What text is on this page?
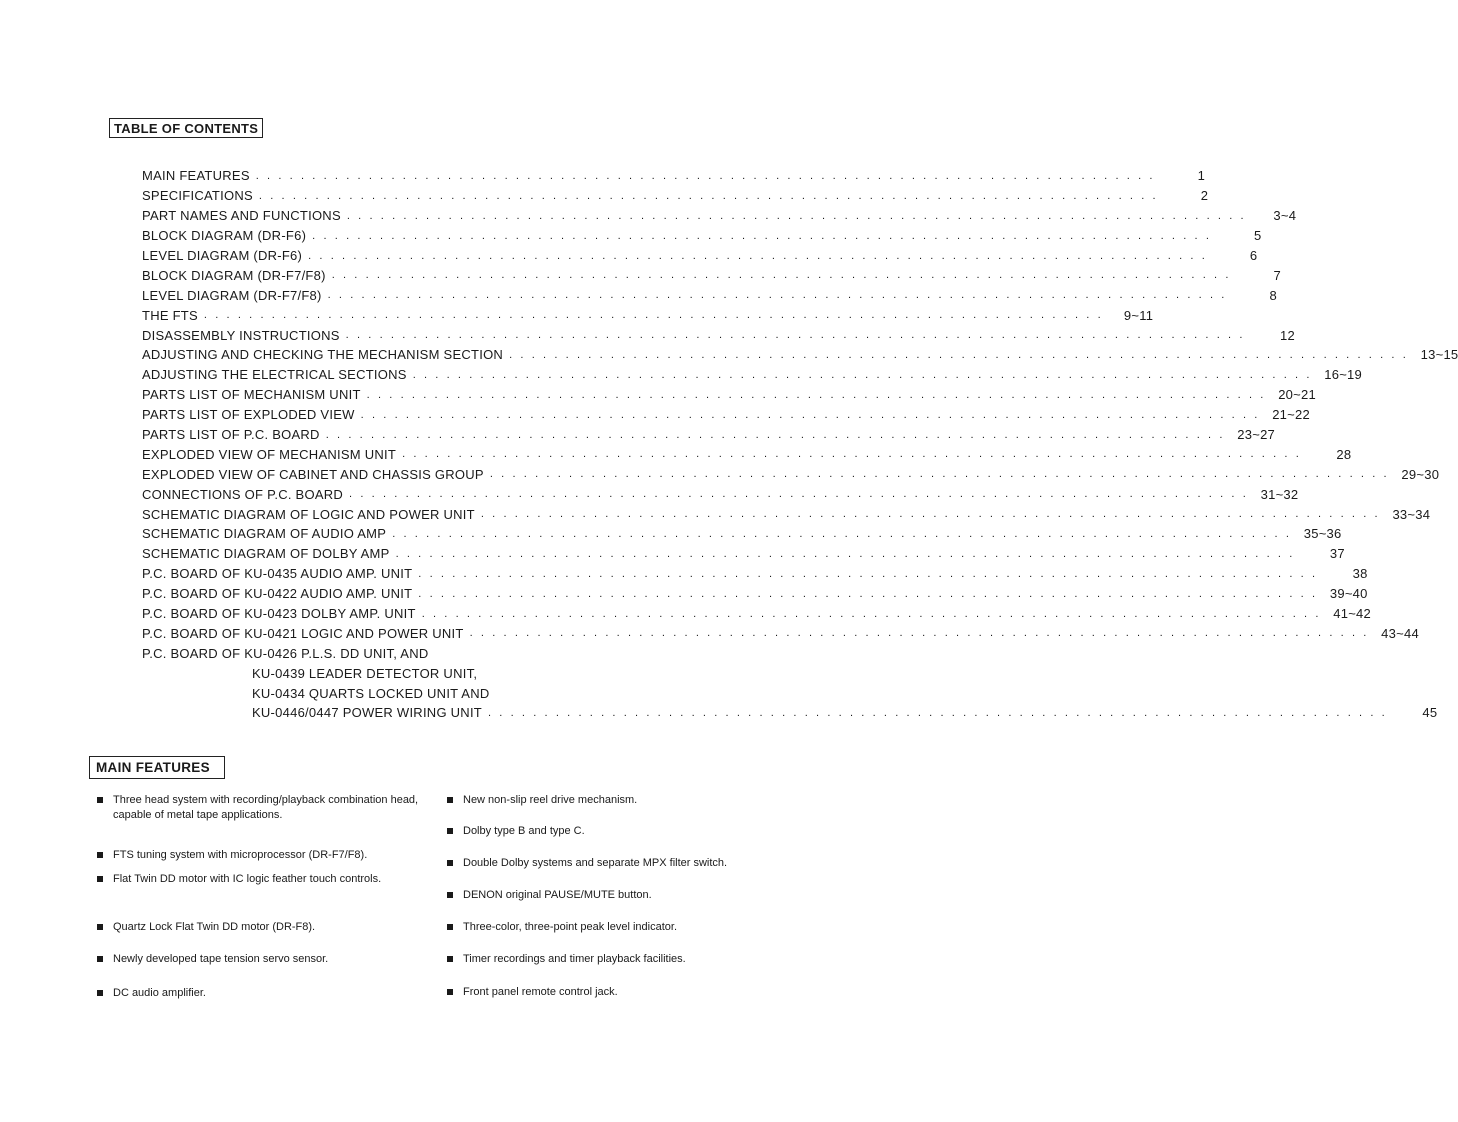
TABLE OF CONTENTS
MAIN FEATURES . . . . . . . . . . . . . . . . . . . . . . . . . . . . . . . . . . . . . . . . . . . . . . . . . . . . . . . . . . . . . . . . . . . . . . . . . . . . . . . .	1
SPECIFICATIONS . . . . . . . . . . . . . . . . . . . . . . . . . . . . . . . . . . . . . . . . . . . . . . . . . . . . . . . . . . . . . . . . . . . . . . . . . . . . . . . .	2
PART NAMES AND FUNCTIONS . . . . . . . . . . . . . . . . . . . . . . . . . . . . . . . . . . . . . . . . . . . . . . . . . . . . . . . . . . . . . . . . . . . . . . . . . . . . . . . .	3~4
BLOCK DIAGRAM (DR-F6) . . . . . . . . . . . . . . . . . . . . . . . . . . . . . . . . . . . . . . . . . . . . . . . . . . . . . . . . . . . . . . . . . . . . . . . . . . . . . . . .	5
LEVEL DIAGRAM (DR-F6) . . . . . . . . . . . . . . . . . . . . . . . . . . . . . . . . . . . . . . . . . . . . . . . . . . . . . . . . . . . . . . . . . . . . . . . . . . . . . . . .	6
BLOCK DIAGRAM (DR-F7/F8) . . . . . . . . . . . . . . . . . . . . . . . . . . . . . . . . . . . . . . . . . . . . . . . . . . . . . . . . . . . . . . . . . . . . . . . . . . . . . . . .	7
LEVEL DIAGRAM (DR-F7/F8) . . . . . . . . . . . . . . . . . . . . . . . . . . . . . . . . . . . . . . . . . . . . . . . . . . . . . . . . . . . . . . . . . . . . . . . . . . . . . . . .	8
THE FTS . . . . . . . . . . . . . . . . . . . . . . . . . . . . . . . . . . . . . . . . . . . . . . . . . . . . . . . . . . . . . . . . . . . . . . . . . . . . . . . .	9~11
DISASSEMBLY INSTRUCTIONS . . . . . . . . . . . . . . . . . . . . . . . . . . . . . . . . . . . . . . . . . . . . . . . . . . . . . . . . . . . . . . . . . . . . . . . . . . . . . . . .	12
ADJUSTING AND CHECKING THE MECHANISM SECTION . . . . . . . . . . . . . . . . . . . . . . . . . . . . . . . . . . . . . . . . . . . . . . . . . . . . . . . . . . . . . . . . . . . . . . . . . . . . . . . . 13~15
ADJUSTING THE ELECTRICAL SECTIONS . . . . . . . . . . . . . . . . . . . . . . . . . . . . . . . . . . . . . . . . . . . . . . . . . . . . . . . . . . . . . . . . . . . . . . . . . . . . . . . . 16~19
PARTS LIST OF MECHANISM UNIT . . . . . . . . . . . . . . . . . . . . . . . . . . . . . . . . . . . . . . . . . . . . . . . . . . . . . . . . . . . . . . . . . . . . . . . . . . . . . . . . 20~21
PARTS LIST OF EXPLODED VIEW . . . . . . . . . . . . . . . . . . . . . . . . . . . . . . . . . . . . . . . . . . . . . . . . . . . . . . . . . . . . . . . . . . . . . . . . . . . . . . . . 21~22
PARTS LIST OF P.C. BOARD . . . . . . . . . . . . . . . . . . . . . . . . . . . . . . . . . . . . . . . . . . . . . . . . . . . . . . . . . . . . . . . . . . . . . . . . . . . . . . . . 23~27
EXPLODED VIEW OF MECHANISM UNIT . . . . . . . . . . . . . . . . . . . . . . . . . . . . . . . . . . . . . . . . . . . . . . . . . . . . . . . . . . . . . . . . . . . . . . . . . . . . . . . .	28
EXPLODED VIEW OF CABINET AND CHASSIS GROUP . . . . . . . . . . . . . . . . . . . . . . . . . . . . . . . . . . . . . . . . . . . . . . . . . . . . . . . . . . . . . . . . . . . . . . . . . . . . . . . . 29~30
CONNECTIONS OF P.C. BOARD . . . . . . . . . . . . . . . . . . . . . . . . . . . . . . . . . . . . . . . . . . . . . . . . . . . . . . . . . . . . . . . . . . . . . . . . . . . . . . . . 31~32
SCHEMATIC DIAGRAM OF LOGIC AND POWER UNIT . . . . . . . . . . . . . . . . . . . . . . . . . . . . . . . . . . . . . . . . . . . . . . . . . . . . . . . . . . . . . . . . . . . . . . . . . . . . . . . . 33~34
SCHEMATIC DIAGRAM OF AUDIO AMP . . . . . . . . . . . . . . . . . . . . . . . . . . . . . . . . . . . . . . . . . . . . . . . . . . . . . . . . . . . . . . . . . . . . . . . . . . . . . . . . 35~36
SCHEMATIC DIAGRAM OF DOLBY AMP . . . . . . . . . . . . . . . . . . . . . . . . . . . . . . . . . . . . . . . . . . . . . . . . . . . . . . . . . . . . . . . . . . . . . . . . . . . . . . . .	37
P.C. BOARD OF KU-0435 AUDIO AMP. UNIT . . . . . . . . . . . . . . . . . . . . . . . . . . . . . . . . . . . . . . . . . . . . . . . . . . . . . . . . . . . . . . . . . . . . . . . . . . . . . . . .	38
P.C. BOARD OF KU-0422 AUDIO AMP. UNIT . . . . . . . . . . . . . . . . . . . . . . . . . . . . . . . . . . . . . . . . . . . . . . . . . . . . . . . . . . . . . . . . . . . . . . . . . . . . . . . . 39~40
P.C. BOARD OF KU-0423 DOLBY AMP. UNIT . . . . . . . . . . . . . . . . . . . . . . . . . . . . . . . . . . . . . . . . . . . . . . . . . . . . . . . . . . . . . . . . . . . . . . . . . . . . . . . . 41~42
P.C. BOARD OF KU-0421 LOGIC AND POWER UNIT . . . . . . . . . . . . . . . . . . . . . . . . . . . . . . . . . . . . . . . . . . . . . . . . . . . . . . . . . . . . . . . . . . . . . . . . . . . . . . . . 43~44
P.C. BOARD OF KU-0426 P.L.S. DD UNIT, AND
KU-0439 LEADER DETECTOR UNIT,
KU-0434 QUARTS LOCKED UNIT AND
KU-0446/0447 POWER WIRING UNIT . . . . . . . . . . . . . . . . . . . . . . . . . . . . . . . . . . . . . . . . . . . . . . . . . . . . . . . . . . . . . . . . . . . . . . . . . . . . . . . .	45
MAIN FEATURES
Three head system with recording/playback combination head, capable of metal tape applications.
FTS tuning system with microprocessor (DR-F7/F8).
Flat Twin DD motor with IC logic feather touch controls.
Quartz Lock Flat Twin DD motor (DR-F8).
Newly developed tape tension servo sensor.
DC audio amplifier.
New non-slip reel drive mechanism.
Dolby type B and type C.
Double Dolby systems and separate MPX filter switch.
DENON original PAUSE/MUTE button.
Three-color, three-point peak level indicator.
Timer recordings and timer playback facilities.
Front panel remote control jack.
